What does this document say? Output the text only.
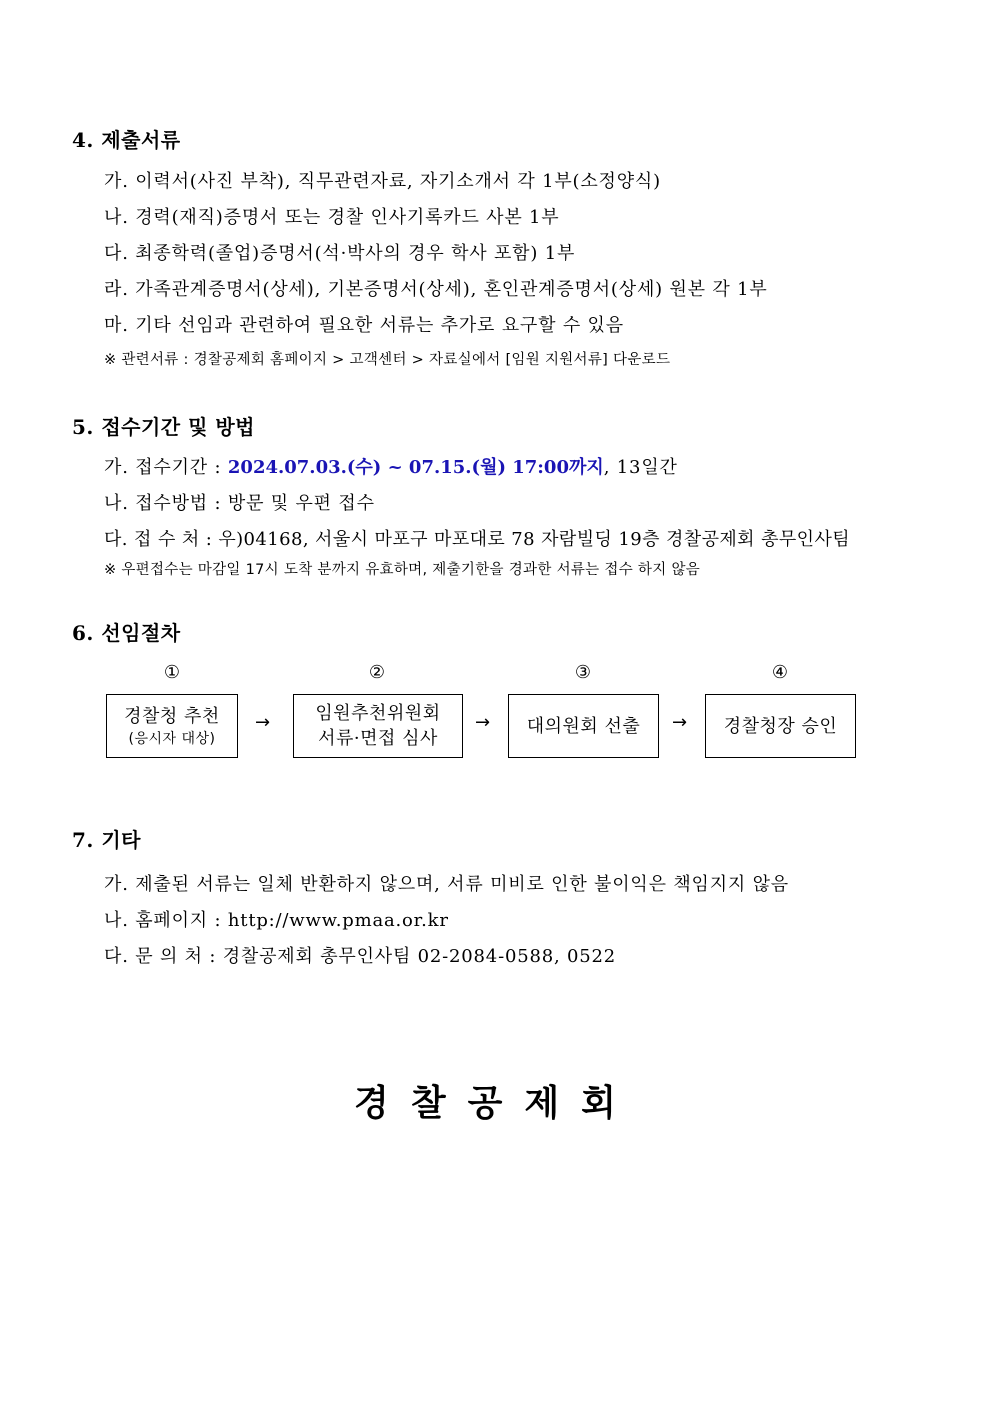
4. 제출서류
가. 이력서(사진 부착), 직무관련자료, 자기소개서 각 1부(소정양식)
나. 경력(재직)증명서 또는 경찰 인사기록카드 사본 1부
다. 최종학력(졸업)증명서(석·박사의 경우 학사 포함) 1부
라. 가족관계증명서(상세), 기본증명서(상세), 혼인관계증명서(상세) 원본 각 1부
마. 기타 선임과 관련하여 필요한 서류는 추가로 요구할 수 있음
※ 관련서류 : 경찰공제회 홈페이지 > 고객센터 > 자료실에서 [임원 지원서류] 다운로드
5. 접수기간 및 방법
가. 접수기간 : 2024.07.03.(수) ~ 07.15.(월) 17:00까지, 13일간
나. 접수방법 : 방문 및 우편 접수
다. 접 수 처 : 우)04168, 서울시 마포구 마포대로 78 자람빌딩 19층 경찰공제회 총무인사팀
※ 우편접수는 마감일 17시 도착 분까지 유효하며, 제출기한을 경과한 서류는 접수 하지 않음
6. 선임절차
①	②	③	④
경찰청 추천
(응시자 대상)
→	임원추천위원회
서류·면접 심사
→ 대의원회 선출 → 경찰청장 승인
7. 기타
가. 제출된 서류는 일체 반환하지 않으며, 서류 미비로 인한 불이익은 책임지지 않음
나. 홈페이지 : http://www.pmaa.or.kr
다. 문 의 처 : 경찰공제회 총무인사팀 02-2084-0588, 0522
경찰공제회
